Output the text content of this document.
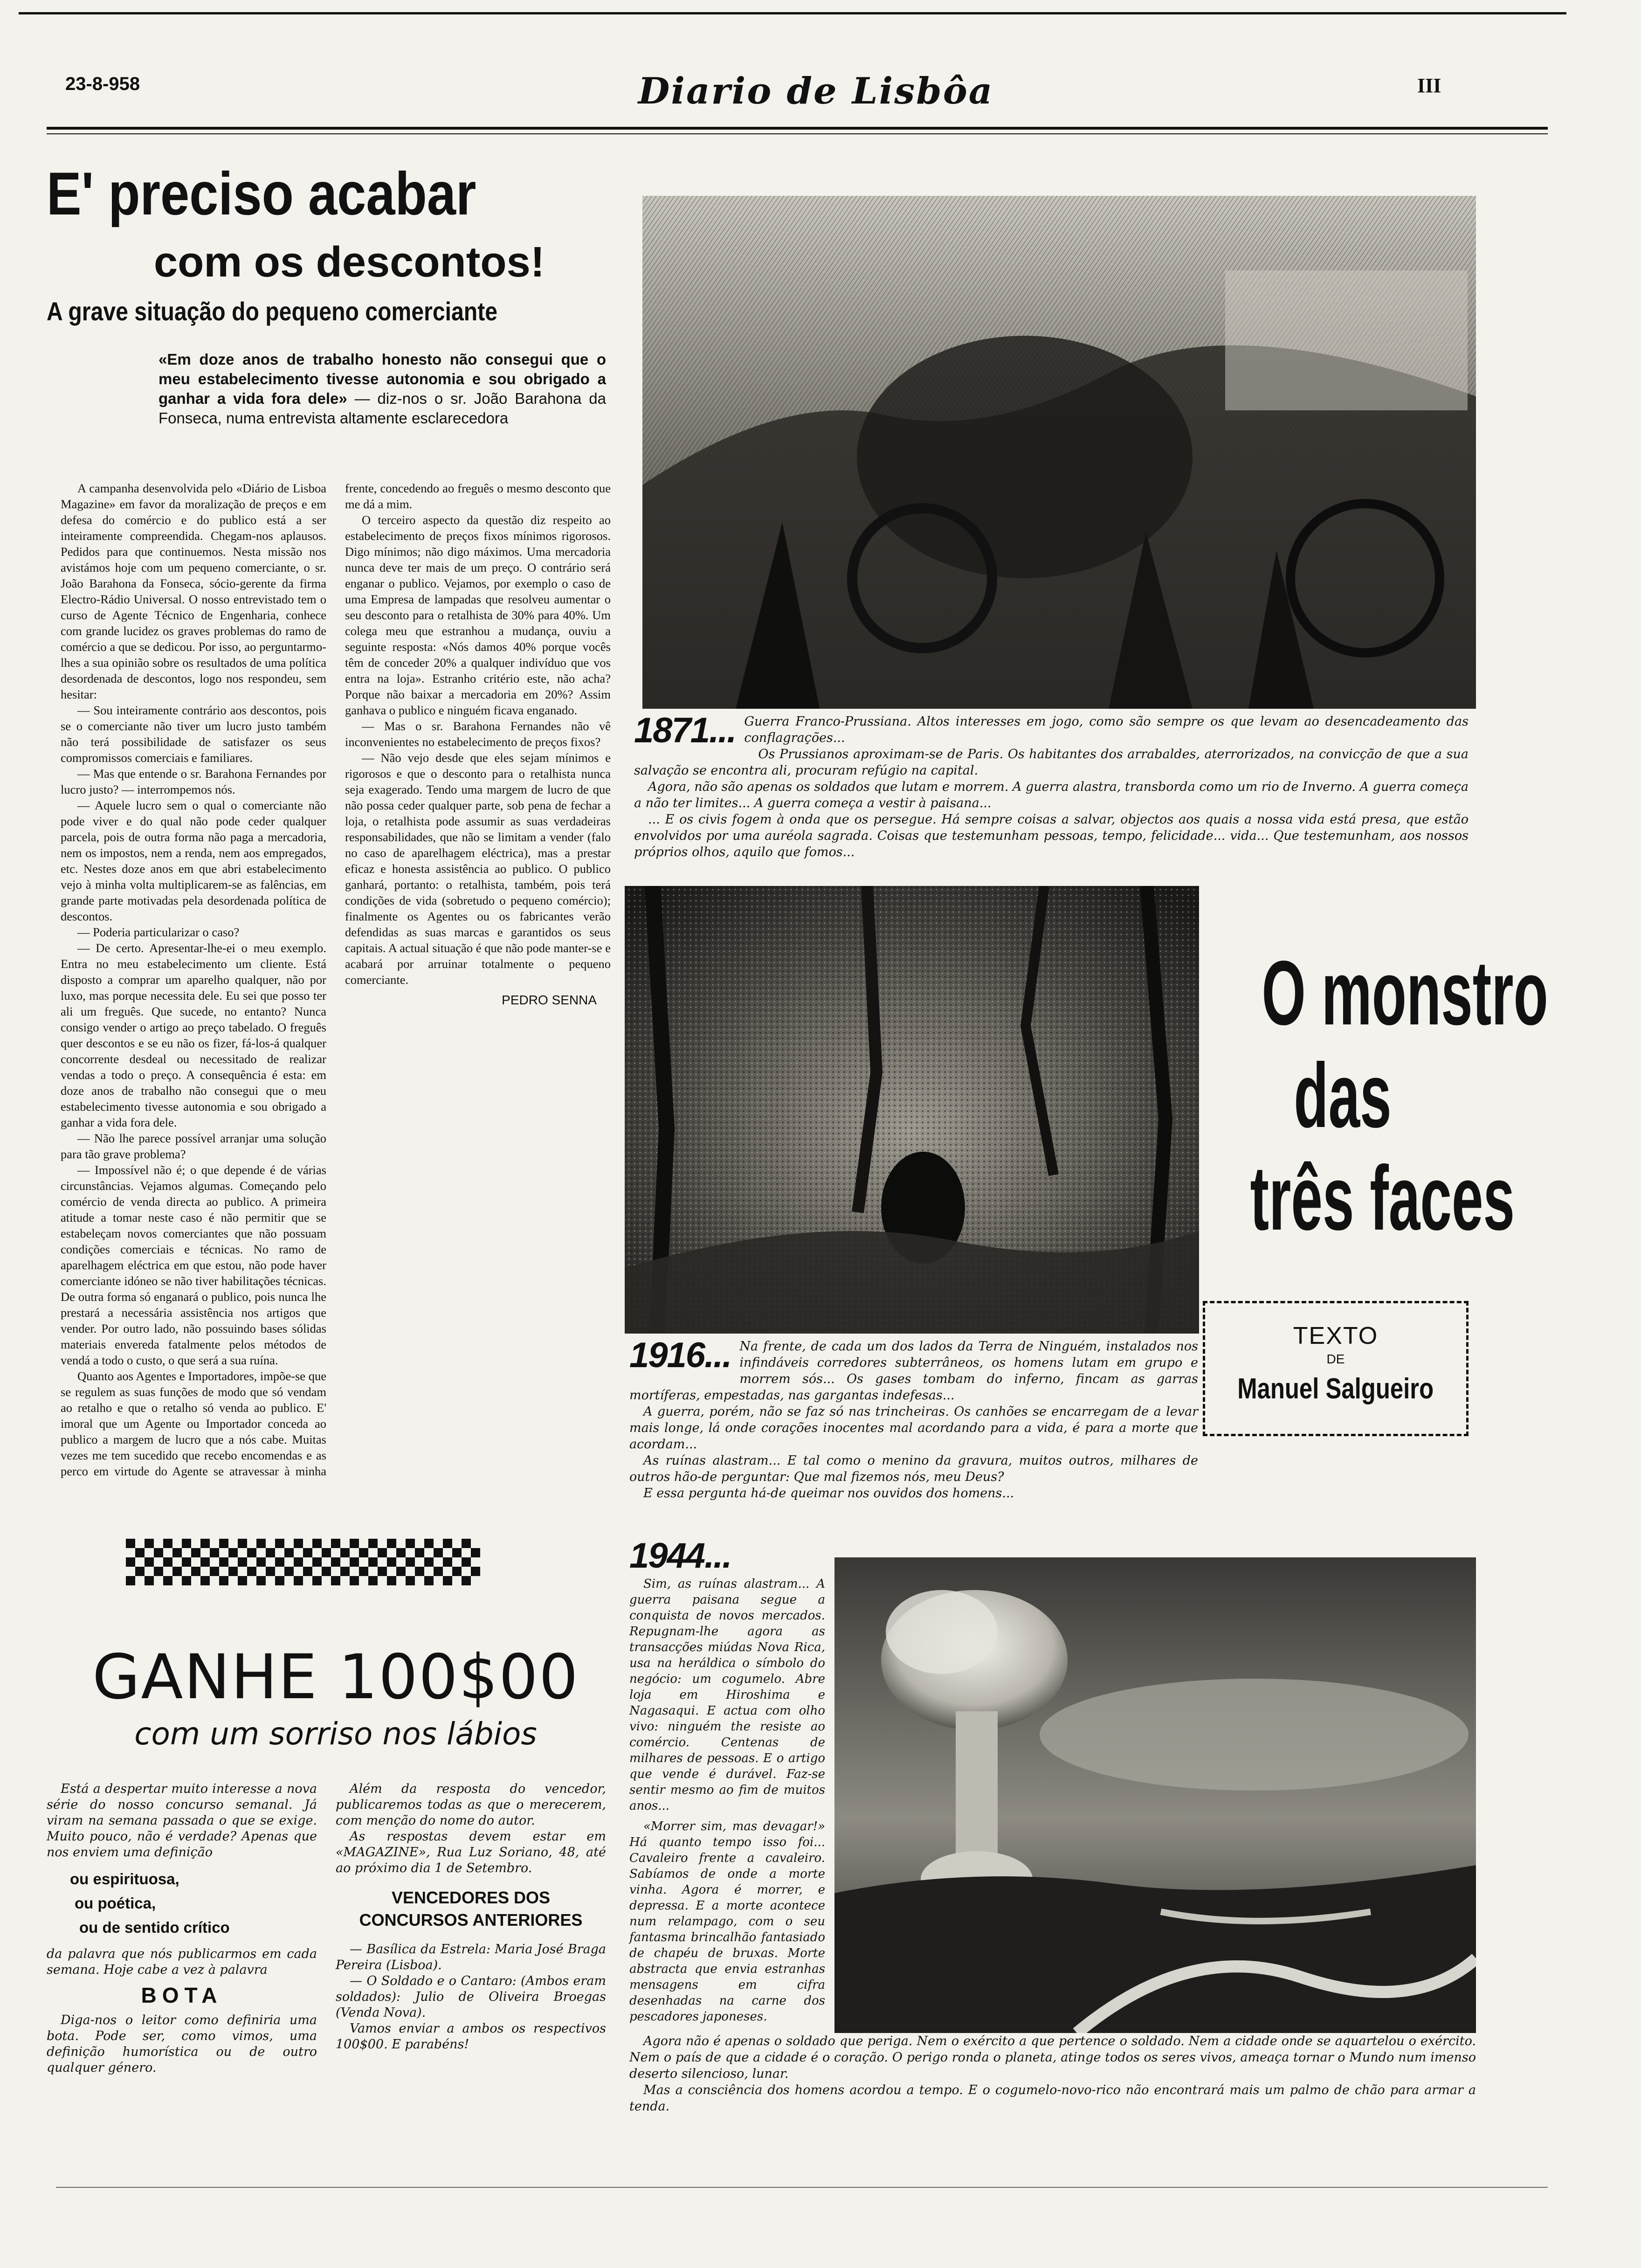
23-8-958	Diario de Lisbôa	III
E' preciso acabar
com os descontos!
A grave situação do pequeno comerciante
«Em doze anos de trabalho honesto não consegui que o meu estabelecimento tivesse autonomia e sou obrigado a ganhar a vida fora dele» — diz-nos o sr. João Barahona da Fonseca, numa entrevista altamente esclarecedora

A campanha desenvolvida pelo «Diário de Lisboa Magazine» em favor da moralização de preços e em defesa do comércio e do publico está a ser inteiramente compreendida. Chegam-nos aplausos. Pedidos para que continuemos. Nesta missão nos avistámos hoje com um pequeno comerciante, o sr. João Barahona da Fonseca, sócio-gerente da firma Electro-Rádio Universal. O nosso entrevistado tem o curso de Agente Técnico de Engenharia, conhece com grande lucidez os graves problemas do ramo de comércio a que se dedicou. Por isso, ao perguntarmo-lhes a sua opinião sobre os resultados de uma política desordenada de descontos, logo nos respondeu, sem hesitar:

— Sou inteiramente contrário aos descontos, pois se o comerciante não tiver um lucro justo também não terá possibilidade de satisfazer os seus compromissos comerciais e familiares.

— Mas que entende o sr. Barahona Fernandes por lucro justo? — interrompemos nós.

— Aquele lucro sem o qual o comerciante não pode viver e do qual não pode ceder qualquer parcela, pois de outra forma não paga a mercadoria, nem os impostos, nem a renda, nem aos empregados, etc. Nestes doze anos em que abri estabelecimento vejo à minha volta multiplicarem-se as falências, em grande parte motivadas pela desordenada política de descontos.

— Poderia particularizar o caso?

— De certo. Apresentar-lhe-ei o meu exemplo. Entra no meu estabelecimento um cliente. Está disposto a comprar um aparelho qualquer, não por luxo, mas porque necessita dele. Eu sei que posso ter ali um freguês. Que sucede, no entanto? Nunca consigo vender o artigo ao preço tabelado. O freguês quer descontos e se eu não os fizer, fá-los-á qualquer concorrente desdeal ou necessitado de realizar vendas a todo o preço. A consequência é esta: em doze anos de trabalho não consegui que o meu estabelecimento tivesse autonomia e sou obrigado a ganhar a vida fora dele.

— Não lhe parece possível arranjar uma solução para tão grave problema?

— Impossível não é; o que depende é de várias circunstâncias. Vejamos algumas. Começando pelo comércio de venda directa ao publico. A primeira atitude a tomar neste caso é não permitir que se estabeleçam novos comerciantes que não possuam condições comerciais e técnicas. No ramo de aparelhagem eléctrica em que estou, não pode haver comerciante idóneo se não tiver habilitações técnicas. De outra forma só enganará o publico, pois nunca lhe prestará a necessária assistência nos artigos que vender. Por outro lado, não possuindo bases sólidas materiais envereda fatalmente pelos métodos de vendá a todo o custo, o que será a sua ruína.

Quanto aos Agentes e Importadores, impõe-se que se regulem as suas funções de modo que só vendam ao retalho e que o retalho só venda ao publico. E' imoral que um Agente ou Importador conceda ao publico a margem de lucro que a nós cabe. Muitas vezes me tem sucedido que recebo encomendas e as perco em virtude do Agente se atravessar à minha frente, concedendo ao freguês o mesmo desconto que me dá a mim.

O terceiro aspecto da questão diz respeito ao estabelecimento de preços fixos mínimos rigorosos. Digo mínimos; não digo máximos. Uma mercadoria nunca deve ter mais de um preço. O contrário será enganar o publico. Vejamos, por exemplo o caso de uma Empresa de lampadas que resolveu aumentar o seu desconto para o retalhista de 30% para 40%. Um colega meu que estranhou a mudança, ouviu a seguinte resposta: «Nós damos 40% porque vocês têm de conceder 20% a qualquer indivíduo que vos entra na loja». Estranho critério este, não acha? Porque não baixar a mercadoria em 20%? Assim ganhava o publico e ninguém ficava enganado.

— Mas o sr. Barahona Fernandes não vê inconvenientes no estabelecimento de preços fixos?

— Não vejo desde que eles sejam mínimos e rigorosos e que o desconto para o retalhista nunca seja exagerado. Tendo uma margem de lucro de que não possa ceder qualquer parte, sob pena de fechar a loja, o retalhista pode assumir as suas verdadeiras responsabilidades, que não se limitam a vender (falo no caso de aparelhagem eléctrica), mas a prestar eficaz e honesta assistência ao publico. O publico ganhará, portanto: o retalhista, também, pois terá condições de vida (sobretudo o pequeno comércio); finalmente os Agentes ou os fabricantes verão defendidas as suas marcas e garantidos os seus capitais. A actual situação é que não pode manter-se e acabará por arruinar totalmente o pequeno comerciante.

PEDRO SENNA

GANHE 100$00
com um sorriso nos lábios

Está a despertar muito interesse a nova série do nosso concurso semanal. Já viram na semana passada o que se exige. Muito pouco, não é verdade? Apenas que nos enviem uma definição

ou espirituosa,
ou poética,
ou de sentido crítico

da palavra que nós publicarmos em cada semana. Hoje cabe a vez à palavra

BOTA

Diga-nos o leitor como definiria uma bota. Pode ser, como vimos, uma definição humorística ou de outro qualquer género.

Além da resposta do vencedor, publicaremos todas as que o merecerem, com menção do nome do autor.

As respostas devem estar em «MAGAZINE», Rua Luz Soriano, 48, até ao próximo dia 1 de Setembro.

VENCEDORES DOS CONCURSOS ANTERIORES

— Basílica da Estrela: Maria José Braga Pereira (Lisboa).

— O Soldado e o Cantaro: (Ambos eram soldados): Julio de Oliveira Broegas (Venda Nova).

Vamos enviar a ambos os respectivos 100$00. E parabéns!

1871... Guerra Franco-Prussiana. Altos interesses em jogo, como são sempre os que levam ao desencadeamento das conflagrações...

Os Prussianos aproximam-se de Paris. Os habitantes dos arrabaldes, aterrorizados, na convicção de que a sua salvação se encontra ali, procuram refúgio na capital.

Agora, não são apenas os soldados que lutam e morrem. A guerra alastra, transborda como um rio de Inverno. A guerra começa a não ter limites... A guerra começa a vestir à paisana...

... E os civis fogem à onda que os persegue. Há sempre coisas a salvar, objectos aos quais a nossa vida está presa, que estão envolvidos por uma auréola sagrada. Coisas que testemunham pessoas, tempo, felicidade... vida... Que testemunham, aos nossos próprios olhos, aquilo que fomos...

O monstro
das
três faces
TEXTO
DE
Manuel Salgueiro
1916... Na frente, de cada um dos lados da Terra de Ninguém, instalados nos infindáveis corredores subterrâneos, os homens lutam em grupo e morrem sós... Os gases tombam do inferno, fincam as garras mortíferas, empestadas, nas gargantas indefesas...

A guerra, porém, não se faz só nas trincheiras. Os canhões se encarregam de a levar mais longe, lá onde corações inocentes mal acordando para a vida, é para a morte que acordam...

As ruínas alastram... E tal como o menino da gravura, muitos outros, milhares de outros hão-de perguntar: Que mal fizemos nós, meu Deus?

E essa pergunta há-de queimar nos ouvidos dos homens...

1944...

Sim, as ruínas alastram... A guerra paisana segue a conquista de novos mercados. Repugnam-lhe agora as transacções miúdas Nova Rica, usa na heráldica o símbolo do negócio: um cogumelo. Abre loja em Hiroshima e Nagasaqui. E actua com olho vivo: ninguém the resiste ao comércio. Centenas de milhares de pessoas. E o artigo que vende é durável. Faz-se sentir mesmo ao fim de muitos anos...

«Morrer sim, mas devagar!» Há quanto tempo isso foi... Cavaleiro frente a cavaleiro. Sabíamos de onde a morte vinha. Agora é morrer, e depressa. E a morte acontece num relampago, com o seu fantasma brincalhão fantasiado de chapéu de bruxas. Morte abstracta que envia estranhas mensagens em cifra desenhadas na carne dos pescadores japoneses.

Agora não é apenas o soldado que periga. Nem o exército a que pertence o soldado. Nem a cidade onde se aquartelou o exército. Nem o país de que a cidade é o coração. O perigo ronda o planeta, atinge todos os seres vivos, ameaça tornar o Mundo num imenso deserto silencioso, lunar.

Mas a consciência dos homens acordou a tempo. E o cogumelo-novo-rico não encontrará mais um palmo de chão para armar a tenda.
